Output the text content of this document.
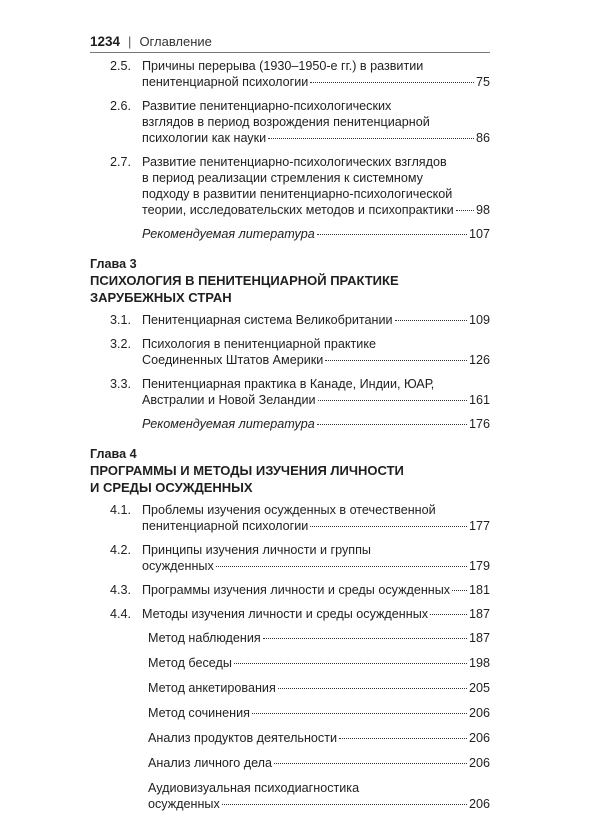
1234 | Оглавление
2.5. Причины перерыва (1930–1950-е гг.) в развитии
пенитенциарной психологии	75
2.6. Развитие пенитенциарно-психологических
взглядов в период возрождения пенитенциарной
психологии как науки	86
2.7. Развитие пенитенциарно-психологических взглядов
в период реализации стремления к системному
подходу в развитии пенитенциарно-психологической
теории, исследовательских методов и психопрактики 98
Рекомендуемая литература	107
Глава 3
ПСИХОЛОГИЯ В ПЕНИТЕНЦИАРНОЙ ПРАКТИКЕ
ЗАРУБЕЖНЫХ СТРАН
3.1. Пенитенциарная система Великобритании	109
3.2. Психология в пенитенциарной практике
Соединенных Штатов Америки	126
3.3. Пенитенциарная практика в Канаде, Индии, ЮАР,
Австралии и Новой Зеландии	161
Рекомендуемая литература	176
Глава 4
ПРОГРАММЫ И МЕТОДЫ ИЗУЧЕНИЯ ЛИЧНОСТИ
И СРЕДЫ ОСУЖДЕННЫХ
4.1. Проблемы изучения осужденных в отечественной
пенитенциарной психологии	177
4.2. Принципы изучения личности и группы
осужденных	179
4.3. Программы изучения личности и среды осужденных 181
4.4. Методы изучения личности и среды осужденных	187
Метод наблюдения	187
Метод беседы	198
Метод анкетирования	205
Метод сочинения	206
Анализ продуктов деятельности	206
Анализ личного дела	206
Аудиовизуальная психодиагностика
осужденных	206
